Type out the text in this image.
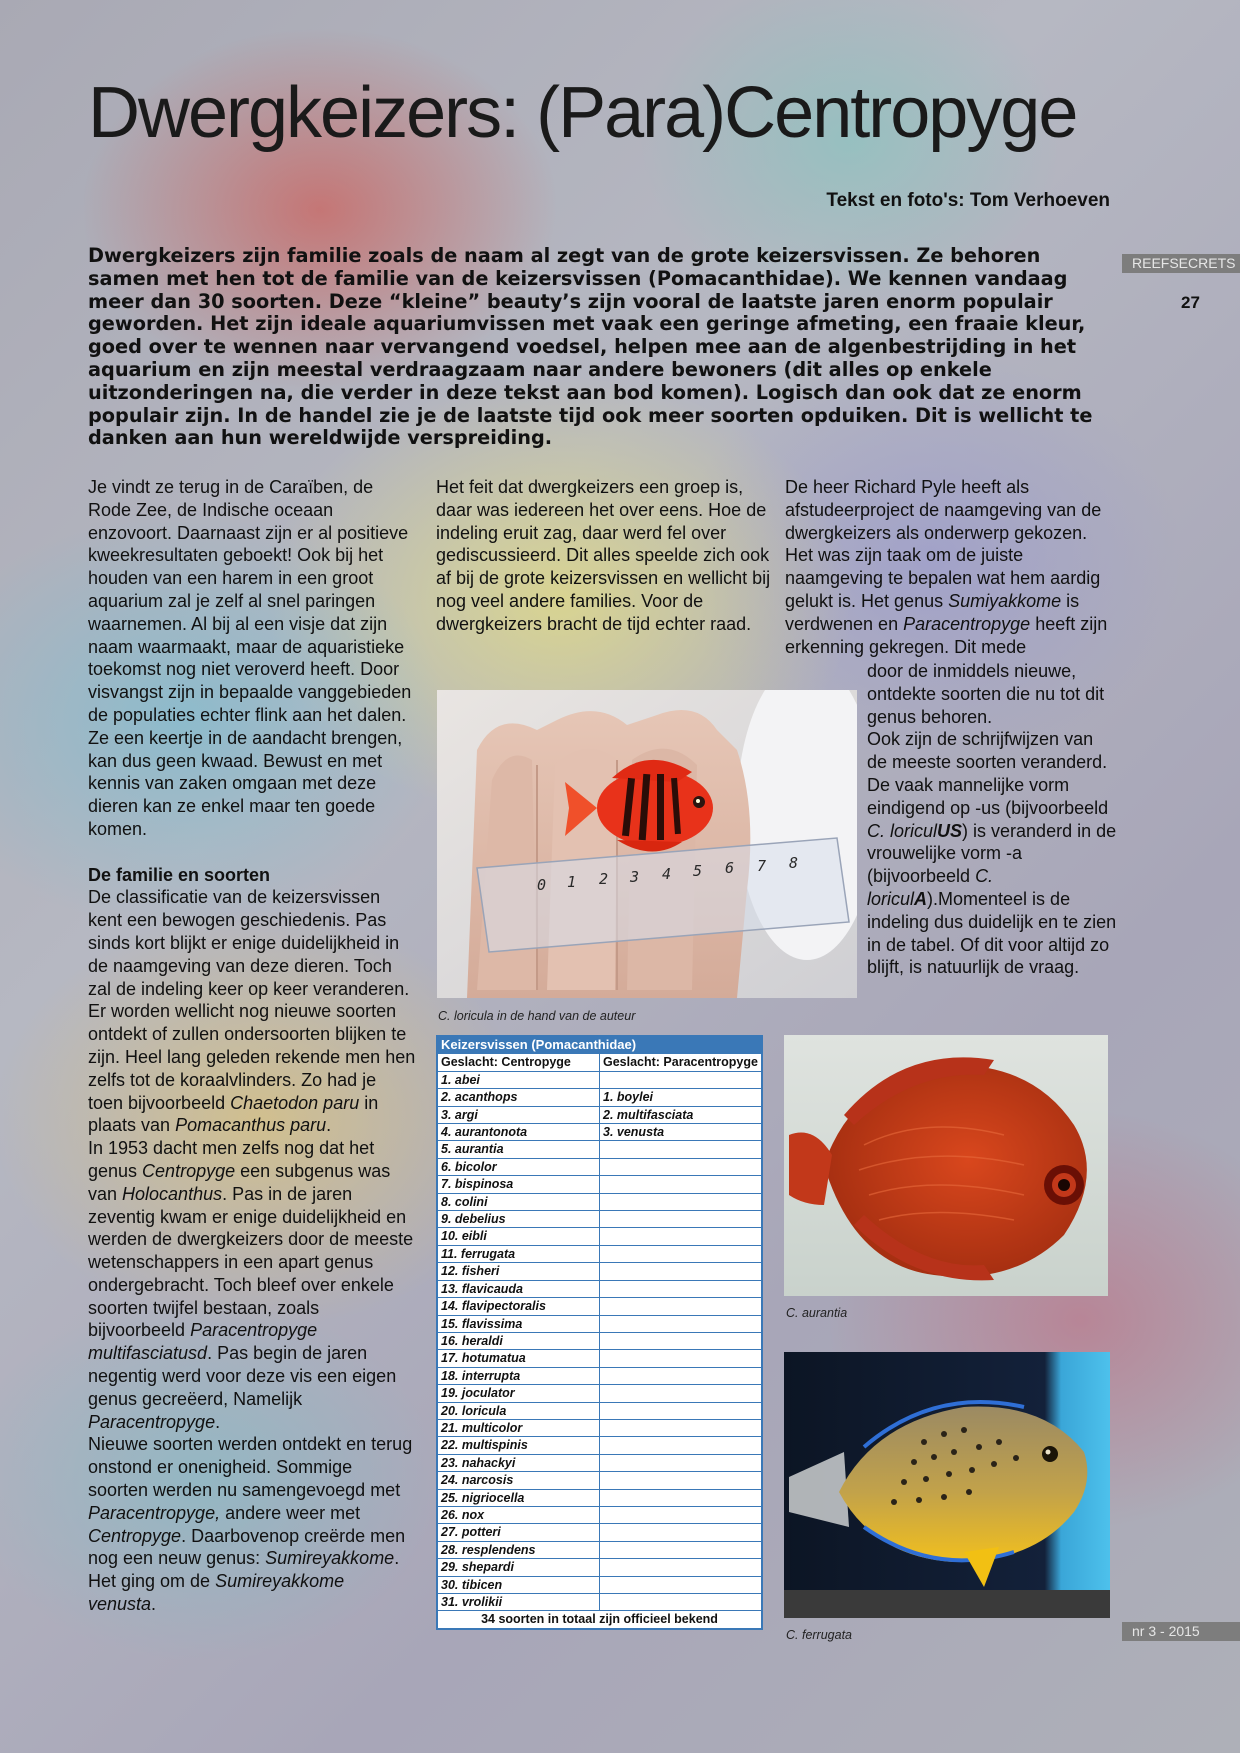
Dwergkeizers: (Para)Centropyge
Tekst en foto's: Tom Verhoeven
REEFSECRETS
27
nr 3 - 2015

Dwergkeizers zijn familie zoals de naam al zegt van de grote keizersvissen. Ze behoren samen met hen tot de familie van de keizersvissen (Pomacanthidae). We kennen vandaag meer dan 30 soorten. Deze “kleine” beauty’s zijn vooral de laatste jaren enorm populair geworden. Het zijn ideale aquariumvissen met vaak een geringe afmeting, een fraaie kleur, goed over te wennen naar vervangend voedsel, helpen mee aan de algenbestrijding in het aquarium en zijn meestal verdraagzaam naar andere bewoners (dit alles op enkele uitzonderingen na, die verder in deze tekst aan bod komen). Logisch dan ook dat ze enorm populair zijn. In de handel zie je de laatste tijd ook meer soorten opduiken. Dit is wellicht te danken aan hun wereldwijde verspreiding.

Je vindt ze terug in de Caraïben, de Rode Zee, de Indische oceaan enzovoort. Daarnaast zijn er al positieve kweekresultaten geboekt! Ook bij het houden van een harem in een groot aquarium zal je zelf al snel paringen waarnemen. Al bij al een visje dat zijn naam waarmaakt, maar de aquaristieke toekomst nog niet veroverd heeft. Door visvangst zijn in bepaalde vanggebieden de populaties echter flink aan het dalen. Ze een keertje in de aandacht brengen, kan dus geen kwaad. Bewust en met kennis van zaken omgaan met deze dieren kan ze enkel maar ten goede komen.

De familie en soorten

De classificatie van de keizersvissen kent een bewogen geschiedenis. Pas sinds kort blijkt er enige duidelijkheid in de naamgeving van deze dieren. Toch zal de indeling keer op keer veranderen. Er worden wellicht nog nieuwe soorten ontdekt of zullen ondersoorten blijken te zijn. Heel lang geleden rekende men hen zelfs tot de koraalvlinders. Zo had je toen bijvoorbeeld Chaetodon paru in plaats van Pomacanthus paru.

In 1953 dacht men zelfs nog dat het genus Centropyge een subgenus was van Holocanthus. Pas in de jaren zeventig kwam er enige duidelijkheid en werden de dwergkeizers door de meeste wetenschappers in een apart genus ondergebracht. Toch bleef over enkele soorten twijfel bestaan, zoals bijvoorbeeld Paracentropyge multifasciatusd. Pas begin de jaren negentig werd voor deze vis een eigen genus gecreëerd, Namelijk Paracentropyge.

Nieuwe soorten werden ontdekt en terug onstond er onenigheid. Sommige soorten werden nu samengevoegd met Paracentropyge, andere weer met Centropyge. Daarbovenop creërde men nog een neuw genus: Sumireyakkome. Het ging om de Sumireyakkome venusta.

Het feit dat dwergkeizers een groep is, daar was iedereen het over eens. Hoe de indeling eruit zag, daar werd fel over gediscussieerd. Dit alles speelde zich ook af bij de grote keizersvissen en wellicht bij nog veel andere families. Voor de dwergkeizers bracht de tijd echter raad.

De heer Richard Pyle heeft als afstudeerproject de naamgeving van de dwergkeizers als onderwerp gekozen. Het was zijn taak om de juiste naamgeving te bepalen wat hem aardig gelukt is. Het genus Sumiyakkome is verdwenen en Paracentropyge heeft zijn erkenning gekregen. Dit mede

door de inmiddels nieuwe, ontdekte soorten die nu tot dit genus behoren.

Ook zijn de schrijfwijzen van de meeste soorten veranderd. De vaak mannelijke vorm eindigend op -us (bijvoorbeeld C. loriculUS) is veranderd in de vrouwelijke vorm -a (bijvoorbeeld C. loriculA).Momenteel is de indeling dus duidelijk en te zien in de tabel. Of dit voor altijd zo blijft, is natuurlijk de vraag.

0 1 2 3 4 5 6 7 8
C. loricula in de hand van de auteur
Keizersvissen (Pomacanthidae)	
Geslacht: Centropyge	Geslacht: Paracentropyge
1. abei	
2. acanthops	1. boylei
3. argi	2. multifasciata
4. aurantonota	3. venusta
5. aurantia	
6. bicolor	
7. bispinosa	
8. colini	
9. debelius	
10. eibli	
11. ferrugata	
12. fisheri	
13. flavicauda	
14. flavipectoralis	
15. flavissima	
16. heraldi	
17. hotumatua	
18. interrupta	
19. joculator	
20. loricula	
21. multicolor	
22. multispinis	
23. nahackyi	
24. narcosis	
25. nigriocella	
26. nox	
27. potteri	
28. resplendens	
29. shepardi	
30. tibicen	
31. vrolikii	
34 soorten in totaal zijn officieel bekend	
C. aurantia
C. ferrugata
